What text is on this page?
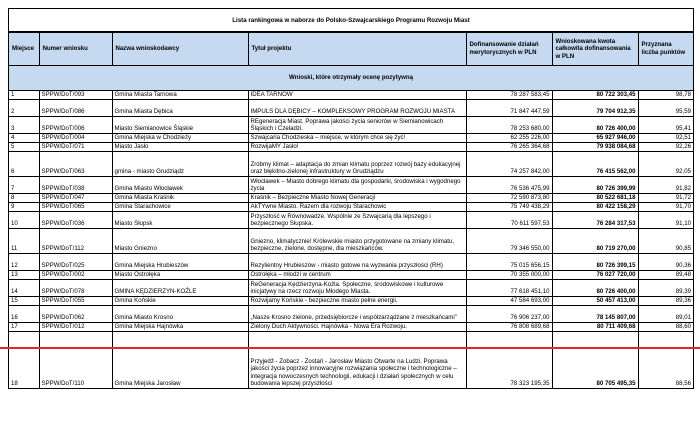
Lista rankingowa w naborze do Polsko-Szwajcarskiego Programu Rozwoju Miast
Miejsce	Numer wniosku	Nazwa wnioskodawcy	Tytuł projektu	Dofinansowanie działań merytorycznych w PLN	Wnioskowana kwota całkowita dofinansowania w PLN	Przyznana liczba punktów
Wnioski, które otrzymały ocenę pozytywną						
1	SPPW/DoT/093	Gmina Miasta Tarnowa	IDEA TARNÓW	78 287 583,45	80 722 303,45	98,78
2	SPPW/DoT/086	Gmina Miasta Dębica	IMPULS DLA DĘBICY – KOMPLEKSOWY PROGRAM ROZWOJU MIASTA	71 847 447,59	79 704 912,35	95,59
3	SPPW/DoT/006	Miasto Siemianowice Śląskie	REgeneracja Miast. Poprawa jakości życia seniorów w Siemianowicach Śląskich i Czeladzi.	78 253 680,00	80 726 400,00	95,41
4	SPPW/DoT/004	Gmina Miejska w Chodzieży	Szwajcaria Chodzieska – miejsce, w którym chce się żyć!	62 255 226,00	65 927 946,00	92,51
5	SPPW/DoT/071	Miasto Jasło	RozwijaMY Jasło!	76 265 364,68	79 938 084,68	92,26
6	SPPW/DoT/063	gmina - miasto Grudziądz	Zróbmy klimat – adaptacja do zmian klimatu poprzez rozwój bazy edukacyjnej oraz błękitno-zielonej infrastruktury w Grudziądzu	74 257 842,00	76 415 562,00	92,05
7	SPPW/DoT/038	Gmina Miasto Włocławek	Włocławek – Miasto dobrego klimatu dla gospodarki, środowiska i wygodnego życia	76 536 475,99	80 726 399,99	91,82
8	SPPW/DoT/047	Gmina Miasta Kraśnik	Kraśnik – Bezpieczne Miasto Nowej Generacji	72 590 873,80	80 522 681,18	91,72
9	SPPW/DoT/065	Gmina Starachowice	AkTYwne Miasto. Razem dla rozwoju Starachowic	75 749 438,29	80 422 158,29	91,70
10	SPPW/DoT/036	Miasto Słupsk	Przyszłość w Równowadze. Wspólnie ze Szwajcarią dla lepszego i bezpiecznego Słupska.	70 611 597,53	76 284 317,53	91,10
11	SPPW/DoT/112	Miasto Gniezno	Gniezno, klimatycznie! Królewskie miasto przygotowane na zmiany klimatu, bezpieczne, zielone, dostępne, dla mieszkańców.	79 346 550,00	80 719 270,00	90,85
12	SPPW/DoT/025	Gmina Miejska Hrubieszów	Rezylientny Hrubieszów - miasto gotowe na wyzwania przyszłości (RH)	75 015 656,15	80 726 399,15	90,36
13	SPPW/DoT/002	Miasto Ostrołęka	Ostrołęka – młodzi w centrum	70 355 000,00	76 027 720,00	89,48
14	SPPW/DoT/078	GMINA KĘDZIERZYN-KOŹLE	ReGeneracja Kędzierzyna-Koźla. Społeczne, środowiskowe i kulturowe inicjatywy na rzecz rozwoju Młodego Miasta.	77 618 451,10	80 726 400,00	89,39
15	SPPW/DoT/055	Gmina Końskie	Rozwijamy Końskie - bezpieczne miasto pełne energii.	47 584 693,00	50 457 413,00	89,36
16	SPPW/DoT/062	Gmina Miasto Krosno	„Nasze Krosno zielone, przedsiębiorcze i współzarządzane z mieszkańcami”	76 906 237,00	78 145 807,00	89,01
17	SPPW/DoT/012	Gmina Miejska Hajnówka	Zielony Duch Aktywności. Hajnówka - Nowa Era Rozwoju.	76 808 689,68	80 711 409,68	88,60
18	SPPW/DoT/110	Gmina Miejska Jarosław	Przyjedź - Zobacz - Zostań - Jarosław Miasto Otwarte na Ludzi. Poprawa jakości życia poprzez innowacyjne rozwiązania społeczne i technologiczne – integracja nowoczesnych technologii, edukacji i działań społecznych w celu budowania lepszej przyszłości	78 323 195,35	80 705 495,35	88,56
